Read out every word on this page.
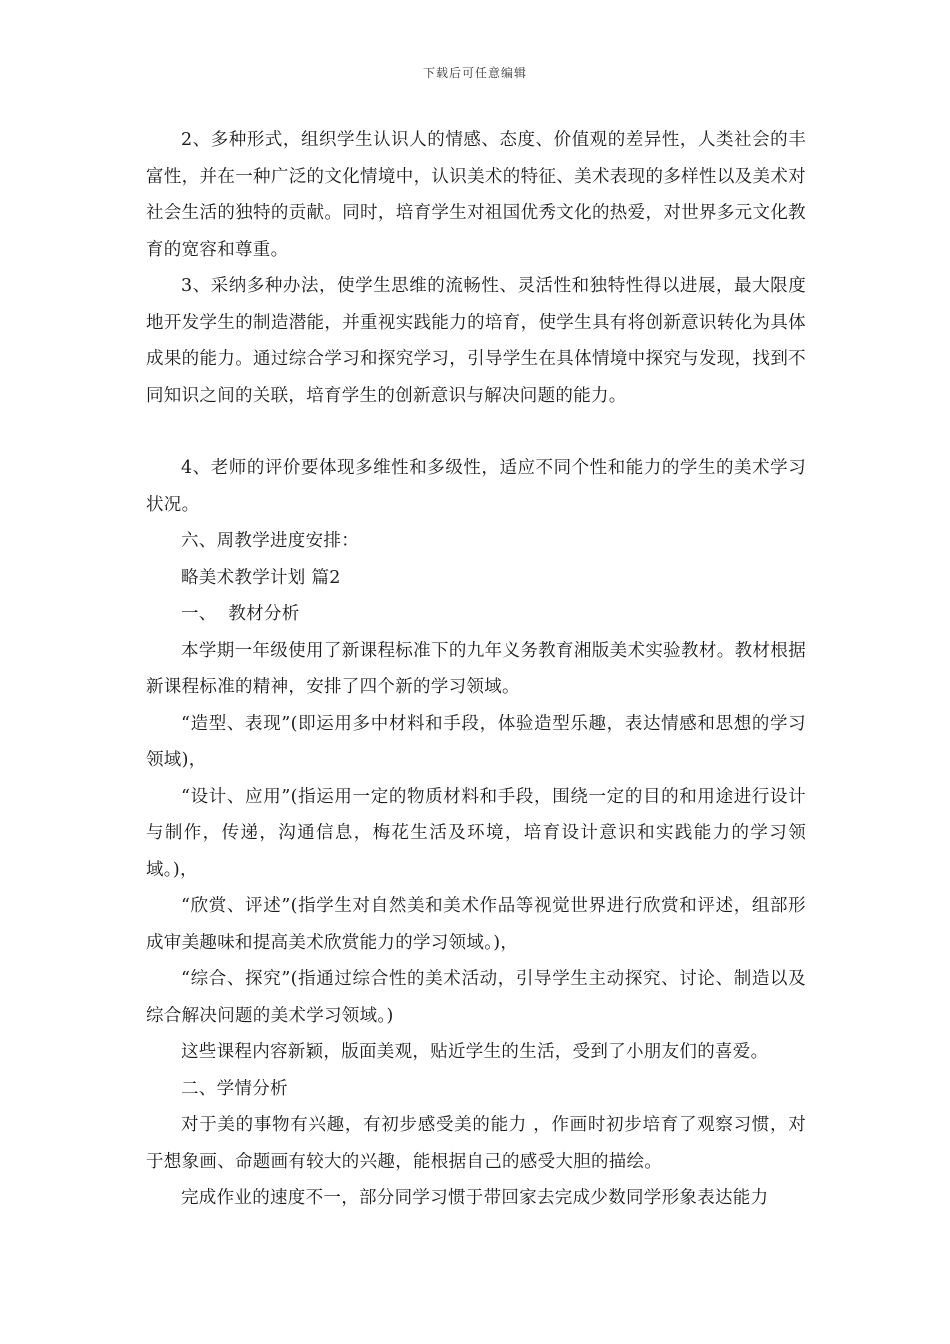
下载后可任意编辑

2、多种形式，组织学生认识人的情感、态度、价值观的差异性，人类社会的丰富性，并在一种广泛的文化情境中，认识美术的特征、美术表现的多样性以及美术对社会生活的独特的贡献。同时，培育学生对祖国优秀文化的热爱，对世界多元文化教育的宽容和尊重。

3、采纳多种办法，使学生思维的流畅性、灵活性和独特性得以进展，最大限度地开发学生的制造潜能，并重视实践能力的培育，使学生具有将创新意识转化为具体成果的能力。通过综合学习和探究学习，引导学生在具体情境中探究与发现，找到不同知识之间的关联，培育学生的创新意识与解决问题的能力。

4、老师的评价要体现多维性和多级性，适应不同个性和能力的学生的美术学习状况。

六、周教学进度安排：

略美术教学计划 篇2

一、  教材分析

本学期一年级使用了新课程标准下的九年义务教育湘版美术实验教材。教材根据新课程标准的精神，安排了四个新的学习领域。

“造型、表现”(即运用多中材料和手段，体验造型乐趣，表达情感和思想的学习领域)，

“设计、应用”(指运用一定的物质材料和手段，围绕一定的目的和用途进行设计与制作，传递，沟通信息，梅花生活及环境，培育设计意识和实践能力的学习领域。)，

“欣赏、评述”(指学生对自然美和美术作品等视觉世界进行欣赏和评述，组部形成审美趣味和提高美术欣赏能力的学习领域。)，

“综合、探究”(指通过综合性的美术活动，引导学生主动探究、讨论、制造以及综合解决问题的美术学习领域。)

这些课程内容新颖，版面美观，贴近学生的生活，受到了小朋友们的喜爱。

二、学情分析

对于美的事物有兴趣，有初步感受美的能力 ，作画时初步培育了观察习惯，对于想象画、命题画有较大的兴趣，能根据自己的感受大胆的描绘。

完成作业的速度不一，部分同学习惯于带回家去完成少数同学形象表达能力
